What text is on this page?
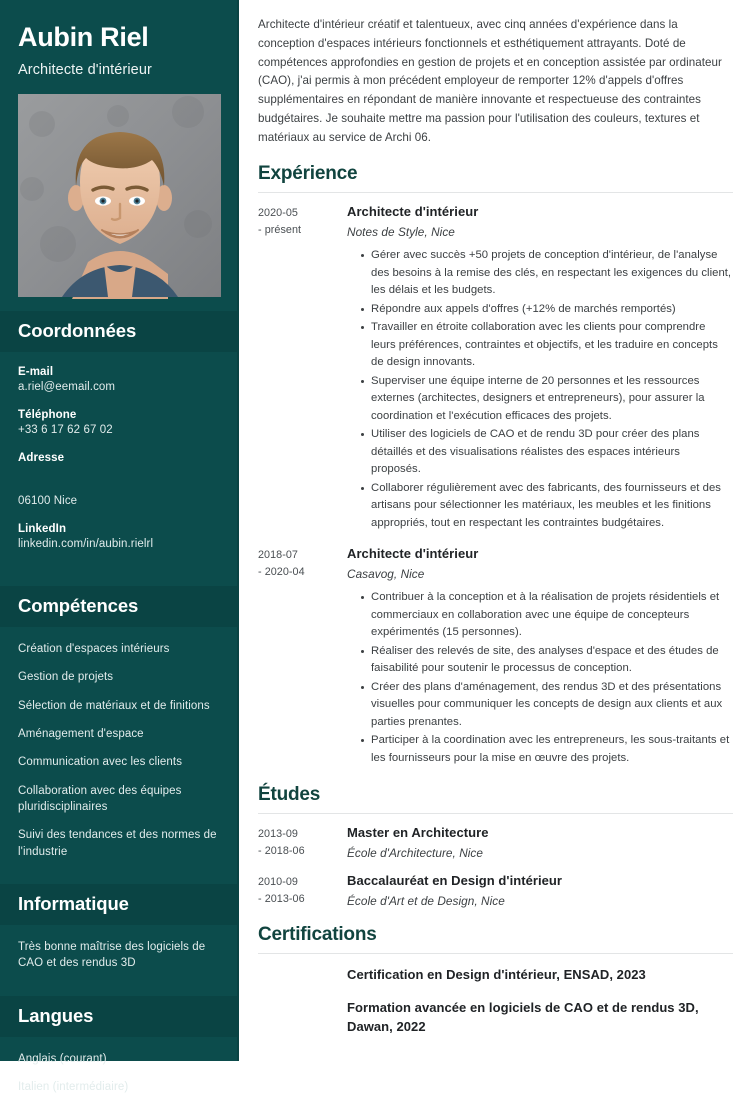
Aubin Riel
Architecte d'intérieur
Coordonnées
E-mail
a.riel@eemail.com
Téléphone
+33 6 17 62 67 02
Adresse
06100 Nice
LinkedIn
linkedin.com/in/aubin.rielrl
Compétences
Création d'espaces intérieurs
Gestion de projets
Sélection de matériaux et de finitions
Aménagement d'espace
Communication avec les clients
Collaboration avec des équipes pluridisciplinaires
Suivi des tendances et des normes de l'industrie
Informatique
Très bonne maîtrise des logiciels de CAO et des rendus 3D
Langues
Anglais (courant)
Italien (intermédiaire)

Architecte d'intérieur créatif et talentueux, avec cinq années d'expérience dans la conception d'espaces intérieurs fonctionnels et esthétiquement attrayants. Doté de compétences approfondies en gestion de projets et en conception assistée par ordinateur (CAO), j'ai permis à mon précédent employeur de remporter 12% d'appels d'offres supplémentaires en répondant de manière innovante et respectueuse des contraintes budgétaires. Je souhaite mettre ma passion pour l'utilisation des couleurs, textures et matériaux au service de Archi 06.

Expérience
2020-05
- présent
Architecte d'intérieur
Notes de Style, Nice
Gérer avec succès +50 projets de conception d'intérieur, de l'analyse des besoins à la remise des clés, en respectant les exigences du client, les délais et les budgets.
Répondre aux appels d'offres (+12% de marchés remportés)
Travailler en étroite collaboration avec les clients pour comprendre leurs préférences, contraintes et objectifs, et les traduire en concepts de design innovants.
Superviser une équipe interne de 20 personnes et les ressources externes (architectes, designers et entrepreneurs), pour assurer la coordination et l'exécution efficaces des projets.
Utiliser des logiciels de CAO et de rendu 3D pour créer des plans détaillés et des visualisations réalistes des espaces intérieurs proposés.
Collaborer régulièrement avec des fabricants, des fournisseurs et des artisans pour sélectionner les matériaux, les meubles et les finitions appropriés, tout en respectant les contraintes budgétaires.
2018-07
- 2020-04
Architecte d'intérieur
Casavog, Nice
Contribuer à la conception et à la réalisation de projets résidentiels et commerciaux en collaboration avec une équipe de concepteurs expérimentés (15 personnes).
Réaliser des relevés de site, des analyses d'espace et des études de faisabilité pour soutenir le processus de conception.
Créer des plans d'aménagement, des rendus 3D et des présentations visuelles pour communiquer les concepts de design aux clients et aux parties prenantes.
Participer à la coordination avec les entrepreneurs, les sous-traitants et les fournisseurs pour la mise en œuvre des projets.
Études
2013-09
- 2018-06
Master en Architecture
École d'Architecture, Nice
2010-09
- 2013-06
Baccalauréat en Design d'intérieur
École d'Art et de Design, Nice
Certifications
Certification en Design d'intérieur, ENSAD, 2023
Formation avancée en logiciels de CAO et de rendus 3D, Dawan, 2022
